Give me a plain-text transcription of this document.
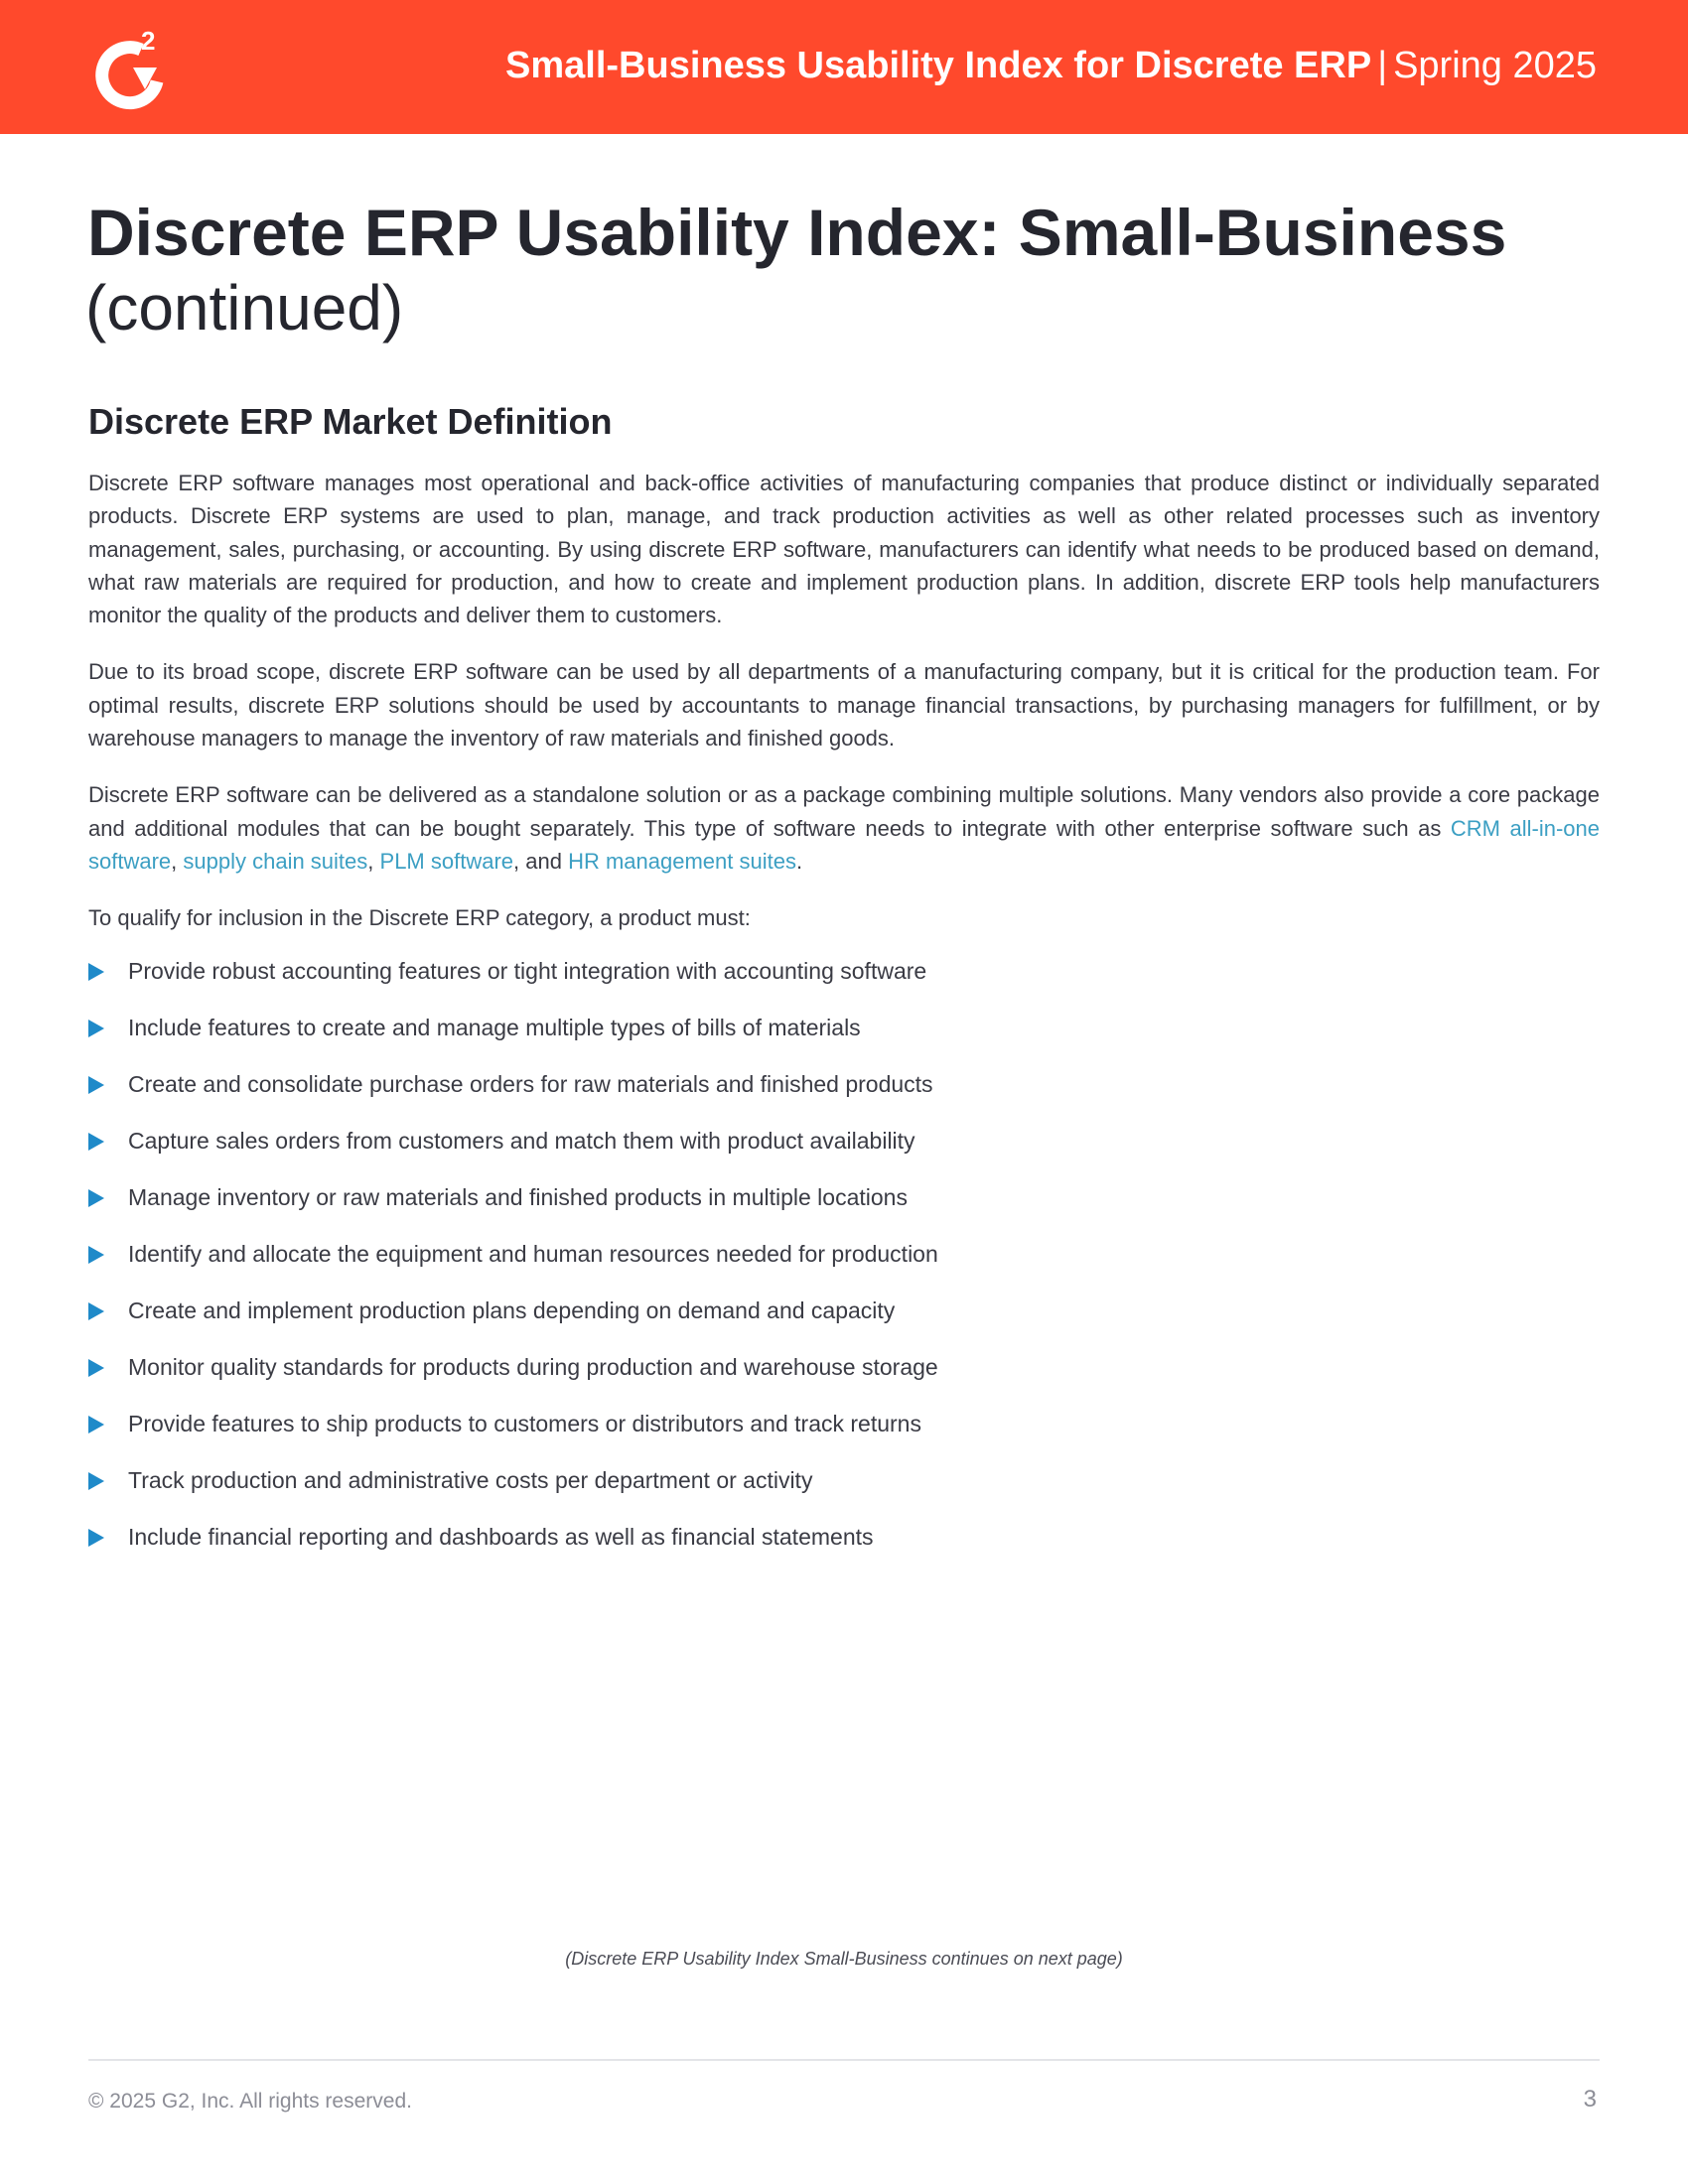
2
Small-Business Usability Index for Discrete ERP | Spring 2025
Discrete ERP Usability Index: Small-Business
(continued)
Discrete ERP Market Definition

Discrete ERP software manages most operational and back-office activities of manufacturing companies that produce distinct or individually separated products. Discrete ERP systems are used to plan, manage, and track production activities as well as other related processes such as inventory management, sales, purchasing, or accounting. By using discrete ERP software, manufacturers can identify what needs to be produced based on demand, what raw materials are required for production, and how to create and implement production plans. In addition, discrete ERP tools help manufacturers monitor the quality of the products and deliver them to customers.

Due to its broad scope, discrete ERP software can be used by all departments of a manufacturing company, but it is critical for the production team. For optimal results, discrete ERP solutions should be used by accountants to manage financial transactions, by purchasing managers for fulfillment, or by warehouse managers to manage the inventory of raw materials and finished goods.

Discrete ERP software can be delivered as a standalone solution or as a package combining multiple solutions. Many vendors also provide a core package and additional modules that can be bought separately. This type of software needs to integrate with other enterprise software such as CRM all-in-one software, supply chain suites, PLM software, and HR management suites.

To qualify for inclusion in the Discrete ERP category, a product must:

Provide robust accounting features or tight integration with accounting software
Include features to create and manage multiple types of bills of materials
Create and consolidate purchase orders for raw materials and finished products
Capture sales orders from customers and match them with product availability
Manage inventory or raw materials and finished products in multiple locations
Identify and allocate the equipment and human resources needed for production
Create and implement production plans depending on demand and capacity
Monitor quality standards for products during production and warehouse storage
Provide features to ship products to customers or distributors and track returns
Track production and administrative costs per department or activity
Include financial reporting and dashboards as well as financial statements
(Discrete ERP Usability Index Small-Business continues on next page)
© 2025 G2, Inc. All rights reserved.	3
